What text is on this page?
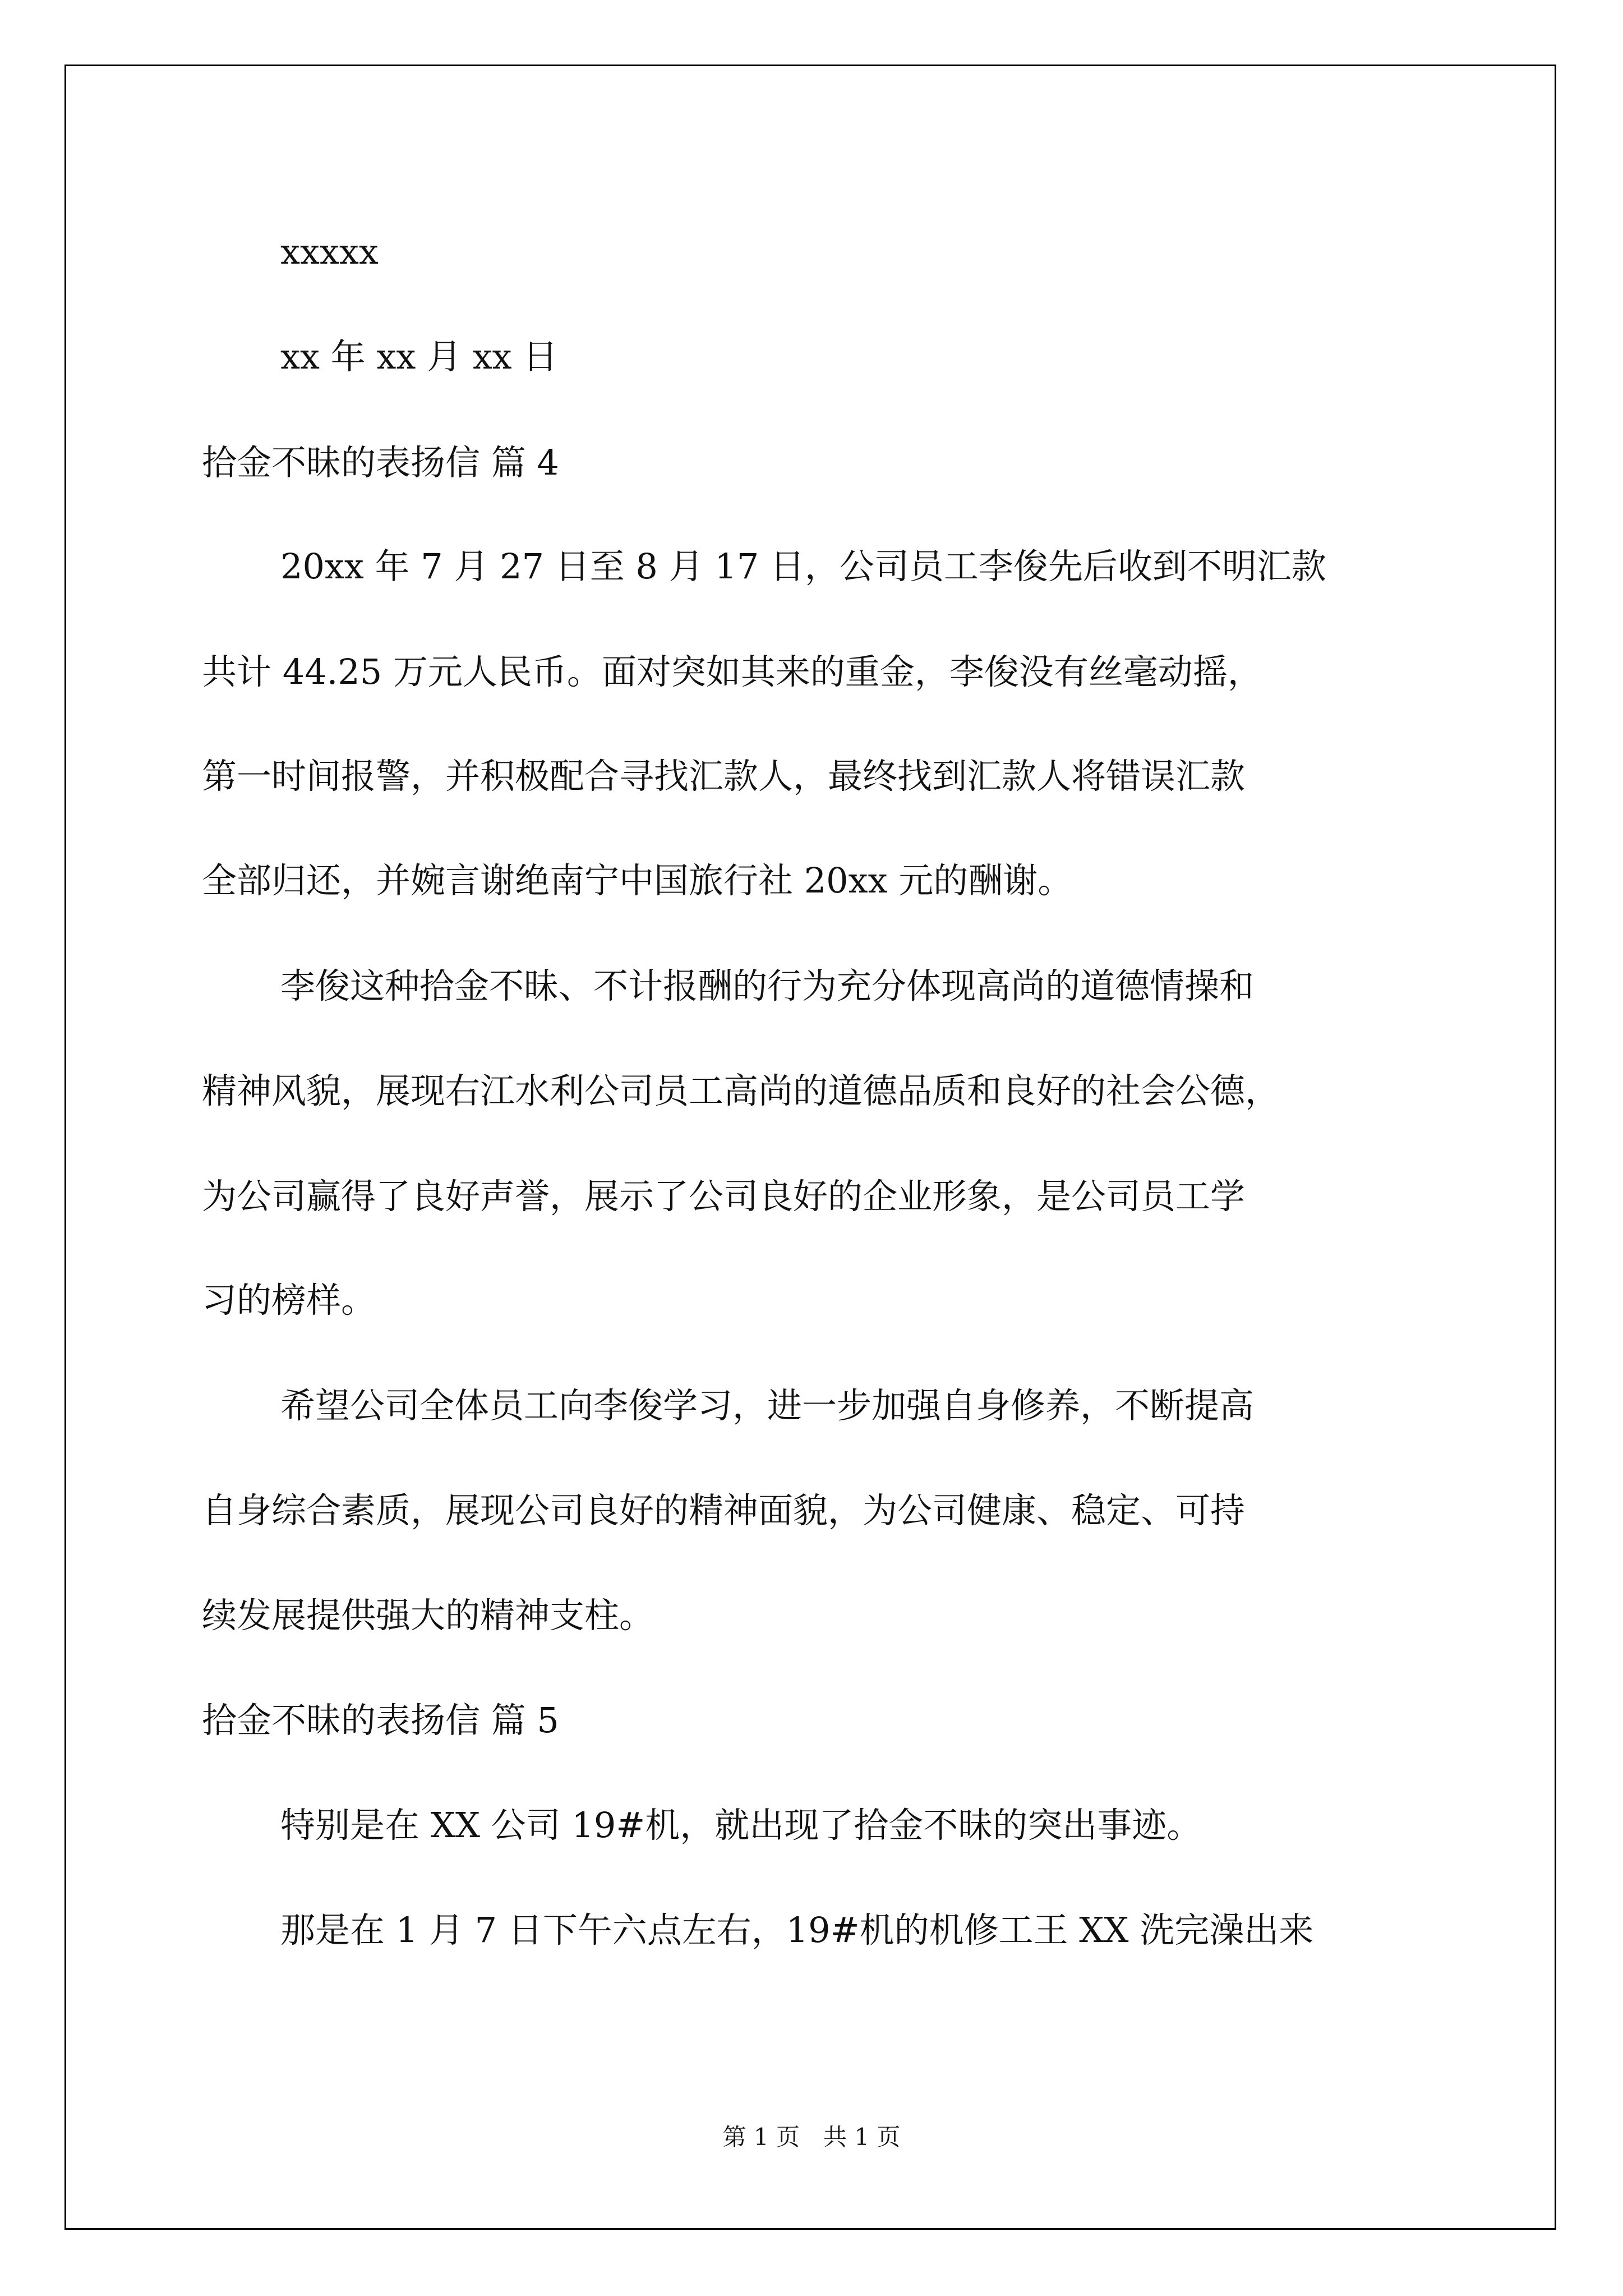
xxxxx

xx 年 xx 月 xx 日

拾金不昧的表扬信 篇 4

20xx 年 7 月 27 日至 8 月 17 日，公司员工李俊先后收到不明汇款

共计 44.25 万元人民币。面对突如其来的重金，李俊没有丝毫动摇，

第一时间报警，并积极配合寻找汇款人，最终找到汇款人将错误汇款

全部归还，并婉言谢绝南宁中国旅行社 20xx 元的酬谢。

李俊这种拾金不昧、不计报酬的行为充分体现高尚的道德情操和

精神风貌，展现右江水利公司员工高尚的道德品质和良好的社会公德，

为公司赢得了良好声誉，展示了公司良好的企业形象，是公司员工学

习的榜样。

希望公司全体员工向李俊学习，进一步加强自身修养，不断提高

自身综合素质，展现公司良好的精神面貌，为公司健康、稳定、可持

续发展提供强大的精神支柱。

拾金不昧的表扬信 篇 5

特别是在 XX 公司 19#机，就出现了拾金不昧的突出事迹。

那是在 1 月 7 日下午六点左右，19#机的机修工王 XX 洗完澡出来

第 1 页　共 1 页
